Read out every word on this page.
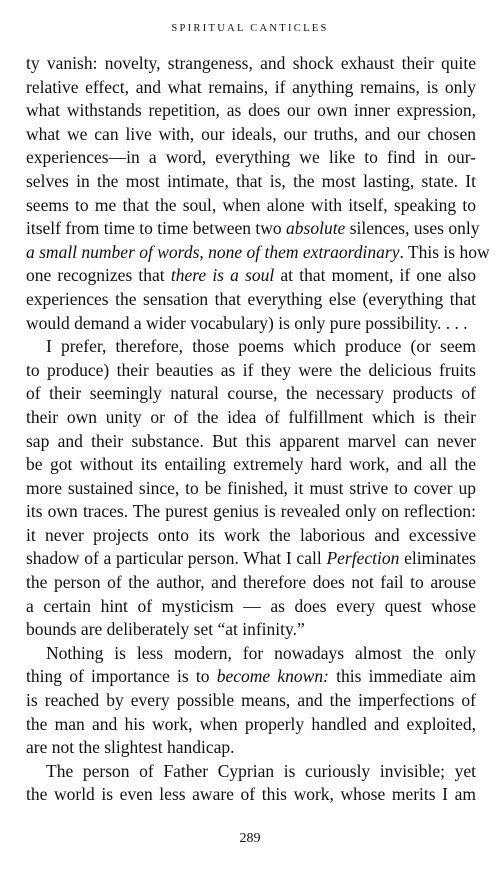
SPIRITUAL CANTICLES
ty vanish: novelty, strangeness, and shock exhaust their quite
relative effect, and what remains, if anything remains, is only
what withstands repetition, as does our own inner expression,
what we can live with, our ideals, our truths, and our chosen
experiences—in a word, everything we like to find in our-
selves in the most intimate, that is, the most lasting, state. It
seems to me that the soul, when alone with itself, speaking to
itself from time to time between two absolute silences, uses only
a small number of words, none of them extraordinary. This is how
one recognizes that there is a soul at that moment, if one also
experiences the sensation that everything else (everything that
would demand a wider vocabulary) is only pure possibility. . . .
I prefer, therefore, those poems which produce (or seem
to produce) their beauties as if they were the delicious fruits
of their seemingly natural course, the necessary products of
their own unity or of the idea of fulfillment which is their
sap and their substance. But this apparent marvel can never
be got without its entailing extremely hard work, and all the
more sustained since, to be finished, it must strive to cover up
its own traces. The purest genius is revealed only on reflection:
it never projects onto its work the laborious and excessive
shadow of a particular person. What I call Perfection eliminates
the person of the author, and therefore does not fail to arouse
a certain hint of mysticism — as does every quest whose
bounds are deliberately set “at infinity.”
Nothing is less modern, for nowadays almost the only
thing of importance is to become known: this immediate aim
is reached by every possible means, and the imperfections of
the man and his work, when properly handled and exploited,
are not the slightest handicap.
The person of Father Cyprian is curiously invisible; yet
the world is even less aware of this work, whose merits I am
289
